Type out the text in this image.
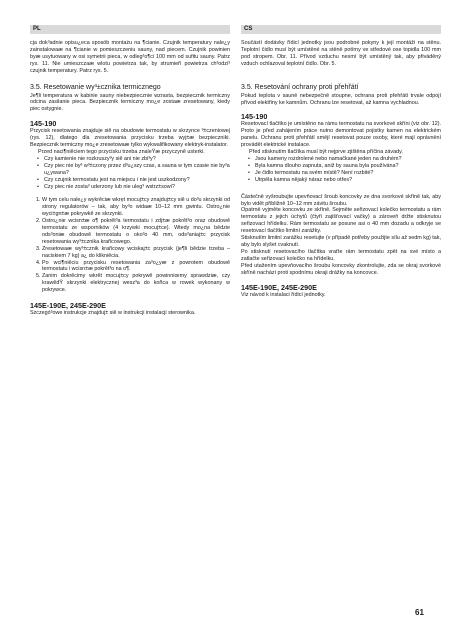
PL

cja dok³adnie opisu¿eca sposób montażu na ¶cianie. Czujnik temperatury nale¿y zainstalowaæ na ¶cianie w pomieszczeniu sauny, nad piecem. Czujnik powinien byæ usytuowany w osi symetrii pieca, w odleg³o¶ci 100 mm od sufitu sauny. Patrz rys. 11. Nie umieszczaæ wlotu powietrza tak, by strumieñ powietrza ch³odzi³ czujnik temperatury. Patrz rys. 5.

3.5. Resetowanie wy³±cznika termicznego

Je¶li temperatura w kabinie sauny niebezpiecznie wzrasta, bezpiecznik termiczny odcina zasilanie pieca. Bezpiecznik termiczny mo¿e zostaæ zresetowany, kiedy piec ostygnie.

145-190

Przycisk resetowania znajduje siê na obudowie termostatu w skrzynce ³±czeniowej (rys. 12), dlatego dla zresetowania przycisku trzeba wyj±æ bezpieczniki. Bezpiecznik termiczny mo¿e zresetowaæ tylko wykwalifikowany elektryk-instalator.

Przed naci¶niêciem tego przycisku trzeba znaleŸæ przyczynê usterki.

• Czy kamienie nie rozkruszy³y siê ani nie zbi³y?
• Czy piec nie by³ w³±czony przez d³u¿szy czas, a sauna w tym czasie nie by³a u¿ywana?
• Czy czujnik termostatu jest na miejscu i nie jest uszkodzony?
• Czy piec nie zosta³ uderzony lub nie uleg³ wstrz±sowi?
1. W tym celu nale¿y wykrêciæ wkręt mocuj±cy znajduj±cy siê u do³u skrzynki od strony regulatorów – tak, aby by³o widaæ 10–12 mm gwintu. Ostro¿nie wyci±gn±æ pokrywkê ze skrzynki.
2. Ostro¿nie wcisn±æ o¶ pokrêt³a termostatu i zdj±æ pokrêt³o oraz obudowê termostatu ze wsporników (4 krzywki mocuj±ce). Wtedy mo¿na bêdzie ods³oniæ obudowê termostatu o oko³o 40 mm, ods³aniaj±c przycisk resetowania wy³±cznika krañcowego.
3. Zresetowaæ wy³±cznik krañcowy wciskaj±c przycisk (je¶li bêdzie trzeba – naciskiem 7 kg) a¿ do klikniêcia.
4. Po wci¶niêciu przycisku resetowania za³o¿yæ z powrotem obudowê termostatu i wcisn±æ pokrêt³o na o¶.
5. Zanim dokrêcimy wkrêt mocuj±cy pokrywê powinniœmy sprawdziæ, czy krawêdŸ skrzynki elektrycznej wesz³a do koñca w rowek wykonany w pokrywce.

145E-190E, 245E-290E

Szczegó³owe instrukcje znajduj± siê w instrukcji instalacji sterownika.

CS

Součástí dodávky řídicí jednotky jsou podrobné pokyny k její montáži na stěnu. Teplotní čidlo musí být umístěné na stěně potírny ve středové ose topidla 100 mm pod stropem. Obr. 11. Přívod vzduchu nesmí být umístěný tak, aby přiváděný vzduch ochlazoval teplotní čidlo. Obr. 5.

3.5. Resetování ochrany proti přehřátí

Pokud teplota v sauně nebezpečně stoupne, ochrana proti přehřátí trvale odpojí přívod elektřiny ke kamnům. Ochranu lze resetovat, až kamna vychladnou.

145-190

Resetovací tlačítko je umístěno na rámu termostatu na svorkové skříni (viz obr. 12). Proto je před zahájením práce nutno demontovat pojistky kamen na elektrickém panelu. Ochranu proti přehřátí smějí resetovat pouze osoby, které mají oprávnění provádět elektrické instalace.

Před stisknutím tlačítka musí být nejprve zjištěna příčina závady.

• Jsou kameny rozdrolené nebo namačkané jeden na druhém?
• Byla kamna dlouho zapnuta, aniž by sauna byla používána?
• Je čidlo termostatu na svém místě? Není rozbité?
• Utrpěla kamna nějaký náraz nebo otřes?

Částečně vyšroubujte upevňovací šroub koncovky ze dna svorkové skříně tak, aby bylo vidět přibližně 10–12 mm závitu šroubu.

Opatrně vyjměte koncovku ze skříně. Sejměte seřizovací kolečko termostatu a rám termostatu z jejich úchytů (čtyři zajišťovací vačky) a zároveň držte stisknutou seřizovací hřídelku. Rám termostatu se posune asi o 40 mm dozadu a odkryje se resetovací tlačítko limitní zarážky.

Stisknutím limitní zarážku resetujte (v případě potřeby použijte sílu až sedm kg) tak, aby bylo slyšet cvaknutí.

Po stisknutí resetovacího tlačítka vraťte rám termostatu zpět na své místo a zatlačte seřizovací kolečko na hřídelku.

Před utažením upevňovacího šroubu koncovky zkontrolujte, zda se okraj svorkové skříně nachází proti spodnímu okraji drážky na koncovce.

145E-190E, 245E-290E

Viz návod k instalaci řídicí jednotky.

61
